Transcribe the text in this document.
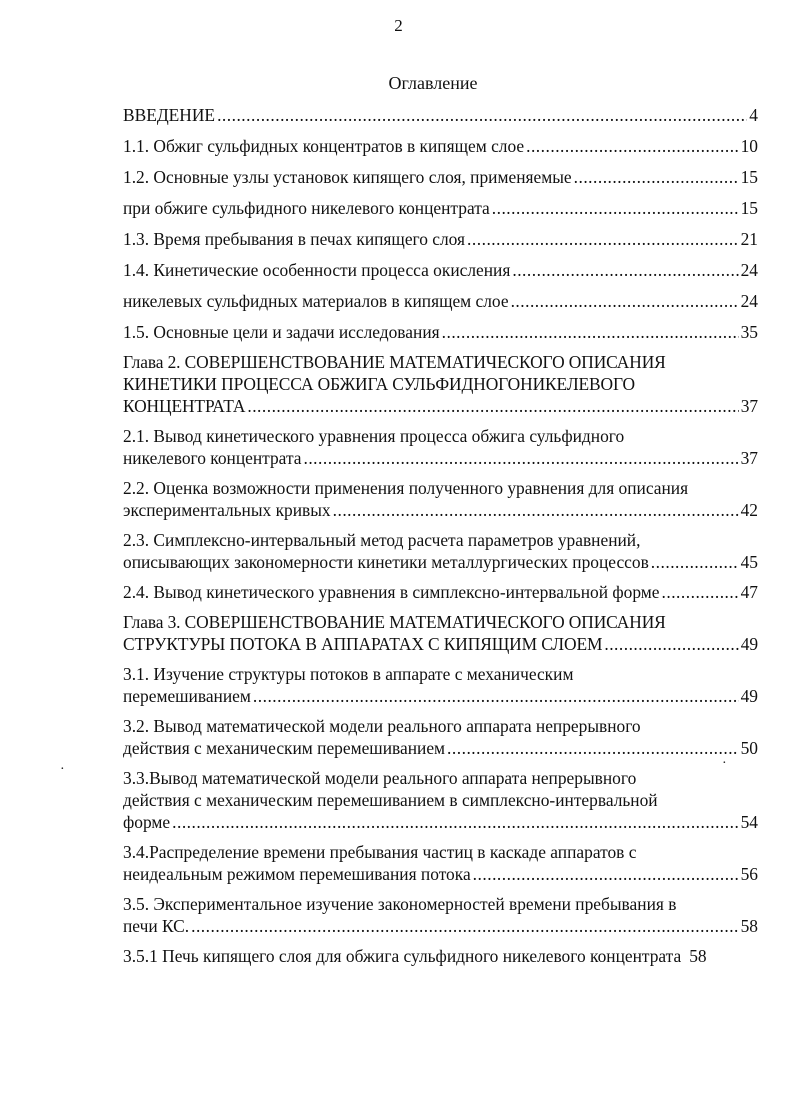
2
Оглавление
ВВЕДЕНИЕ .....	4
1.1. Обжиг сульфидных концентратов в кипящем слое .....	10
1.2. Основные узлы установок кипящего слоя, применяемые .....	15
при обжиге сульфидного никелевого концентрата .....	15
1.3. Время пребывания в печах кипящего слоя .....	21
1.4. Кинетические особенности процесса окисления .....	24
никелевых сульфидных материалов в кипящем слое .....	24
1.5. Основные цели и задачи исследования .....	35
Глава 2. СОВЕРШЕНСТВОВАНИЕ МАТЕМАТИЧЕСКОГО ОПИСАНИЯ
КИНЕТИКИ ПРОЦЕССА ОБЖИГА СУЛЬФИДНОГОНИКЕЛЕВОГО
КОНЦЕНТРАТА .....	37
2.1. Вывод кинетического уравнения процесса обжига сульфидного
никелевого концентрата .....	37
2.2. Оценка возможности применения полученного уравнения для описания
экспериментальных кривых .....	42
2.3. Симплексно-интервальный метод расчета параметров уравнений,
описывающих закономерности кинетики металлургических процессов .....	45
2.4. Вывод кинетического уравнения в симплексно-интервальной форме .....	47
Глава 3. СОВЕРШЕНСТВОВАНИЕ МАТЕМАТИЧЕСКОГО ОПИСАНИЯ
СТРУКТУРЫ ПОТОКА В АППАРАТАХ С КИПЯЩИМ СЛОЕМ .....	49
3.1. Изучение структуры потоков в аппарате с механическим
перемешиванием .....	49
3.2. Вывод математической модели реального аппарата непрерывного
действия с механическим перемешиванием .....	50
3.3.Вывод математической модели реального аппарата непрерывного
действия с механическим перемешиванием в симплексно-интервальной
форме .....	54
3.4.Распределение времени пребывания частиц в каскаде аппаратов с
неидеальным режимом перемешивания потока .....	56
3.5. Экспериментальное изучение закономерностей времени пребывания в
печи КС. .....	58
3.5.1 Печь кипящего слоя для обжига сульфидного никелевого концентрата 58
·	·
